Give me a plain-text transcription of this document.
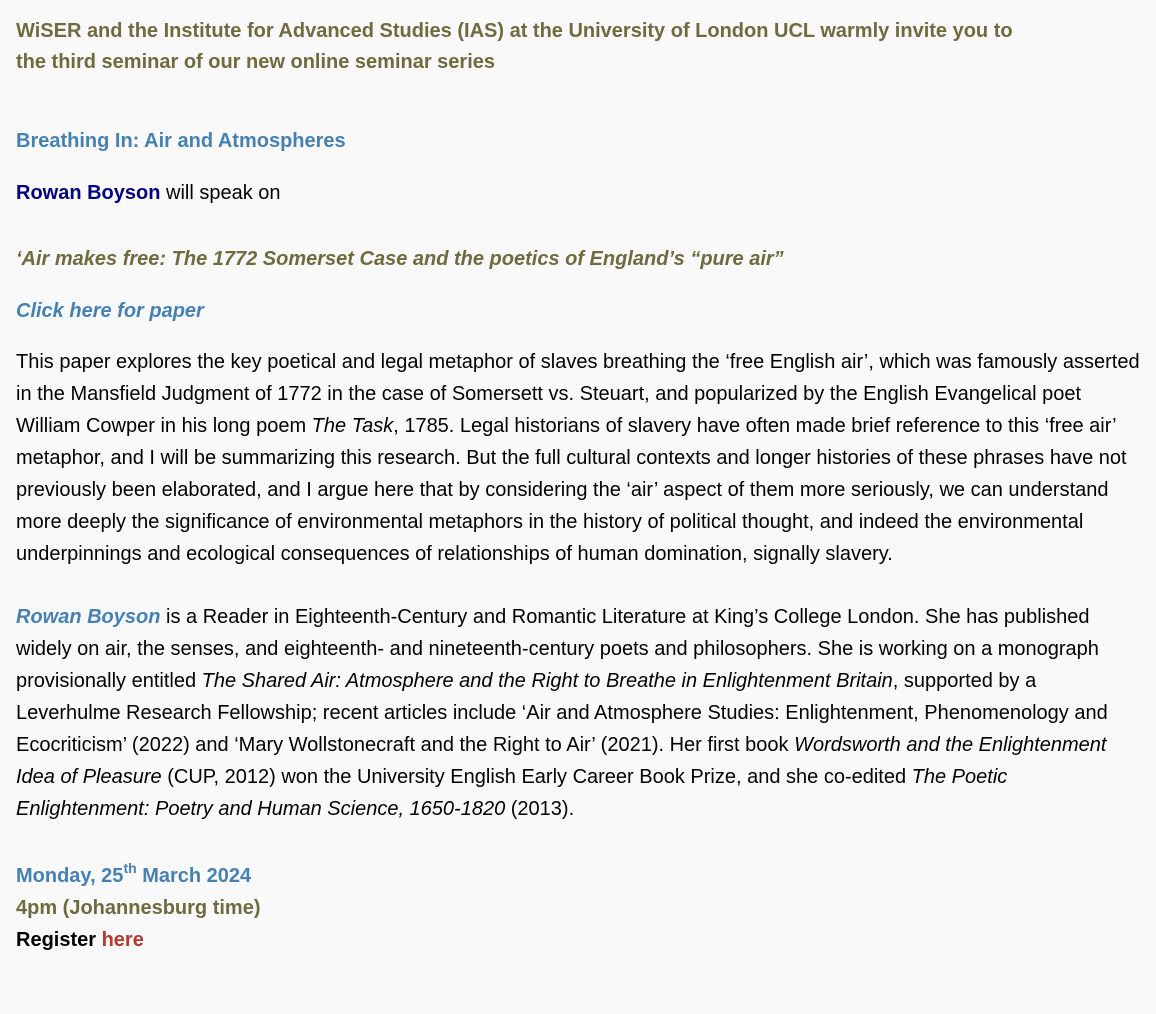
WiSER and the Institute for Advanced Studies (IAS) at the University of London UCL warmly invite you to
the third seminar of our new online seminar series
Breathing In: Air and Atmospheres
Rowan Boyson will speak on
‘Air makes free: The 1772 Somerset Case and the poetics of England’s “pure air”
Click here for paper
This paper explores the key poetical and legal metaphor of slaves breathing the ‘free English air’, which was famously asserted in the Mansfield Judgment of 1772 in the case of Somersett vs. Steuart, and popularized by the English Evangelical poet William Cowper in his long poem The Task, 1785. Legal historians of slavery have often made brief reference to this ‘free air’ metaphor, and I will be summarizing this research. But the full cultural contexts and longer histories of these phrases have not previously been elaborated, and I argue here that by considering the ‘air’ aspect of them more seriously, we can understand more deeply the significance of environmental metaphors in the history of political thought, and indeed the environmental underpinnings and ecological consequences of relationships of human domination, signally slavery.
Rowan Boyson is a Reader in Eighteenth-Century and Romantic Literature at King’s College London. She has published widely on air, the senses, and eighteenth- and nineteenth-century poets and philosophers. She is working on a monograph provisionally entitled The Shared Air: Atmosphere and the Right to Breathe in Enlightenment Britain, supported by a Leverhulme Research Fellowship; recent articles include ‘Air and Atmosphere Studies: Enlightenment, Phenomenology and Ecocriticism’ (2022) and ‘Mary Wollstonecraft and the Right to Air’ (2021). Her first book Wordsworth and the Enlightenment Idea of Pleasure (CUP, 2012) won the University English Early Career Book Prize, and she co-edited The Poetic Enlightenment: Poetry and Human Science, 1650-1820 (2013).
Monday, 25th March 2024
4pm (Johannesburg time)
Register here
